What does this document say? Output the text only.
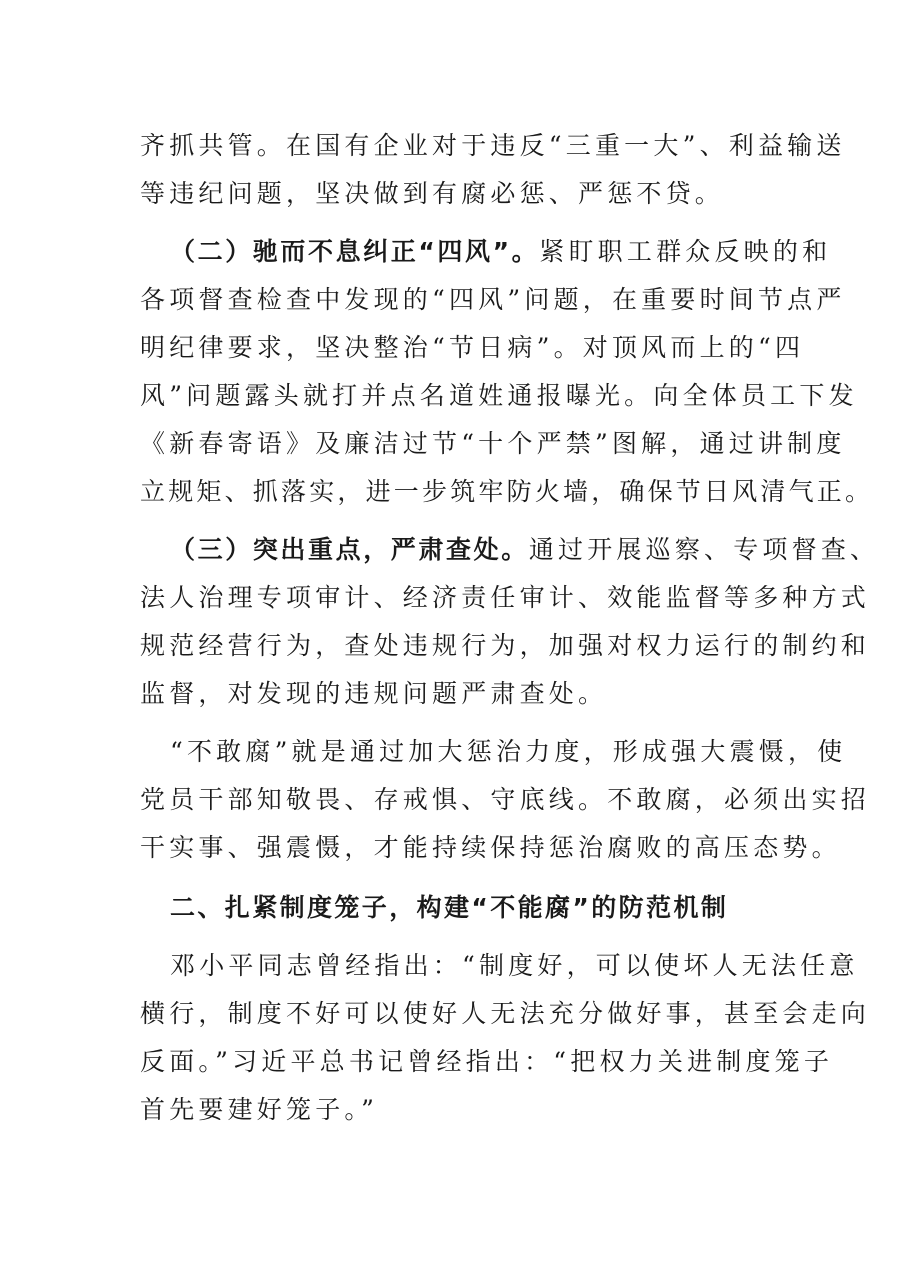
齐抓共管。在国有企业对于违反“三重一大”、利益输送
等违纪问题，坚决做到有腐必惩、严惩不贷。
（二）驰而不息纠正“四风”。紧盯职工群众反映的和
各项督查检查中发现的“四风”问题，在重要时间节点严
明纪律要求，坚决整治“节日病”。对顶风而上的“四
风”问题露头就打并点名道姓通报曝光。向全体员工下发
《新春寄语》及廉洁过节“十个严禁”图解，通过讲制度
立规矩、抓落实，进一步筑牢防火墙，确保节日风清气正。
（三）突出重点，严肃查处。通过开展巡察、专项督查、
法人治理专项审计、经济责任审计、效能监督等多种方式
规范经营行为，查处违规行为，加强对权力运行的制约和
监督，对发现的违规问题严肃查处。
“不敢腐”就是通过加大惩治力度，形成强大震慑，使
党员干部知敬畏、存戒惧、守底线。不敢腐，必须出实招
干实事、强震慑，才能持续保持惩治腐败的高压态势。
二、扎紧制度笼子，构建“不能腐”的防范机制
邓小平同志曾经指出：“制度好，可以使坏人无法任意
横行，制度不好可以使好人无法充分做好事，甚至会走向
反面。”习近平总书记曾经指出：“把权力关进制度笼子
首先要建好笼子。”
